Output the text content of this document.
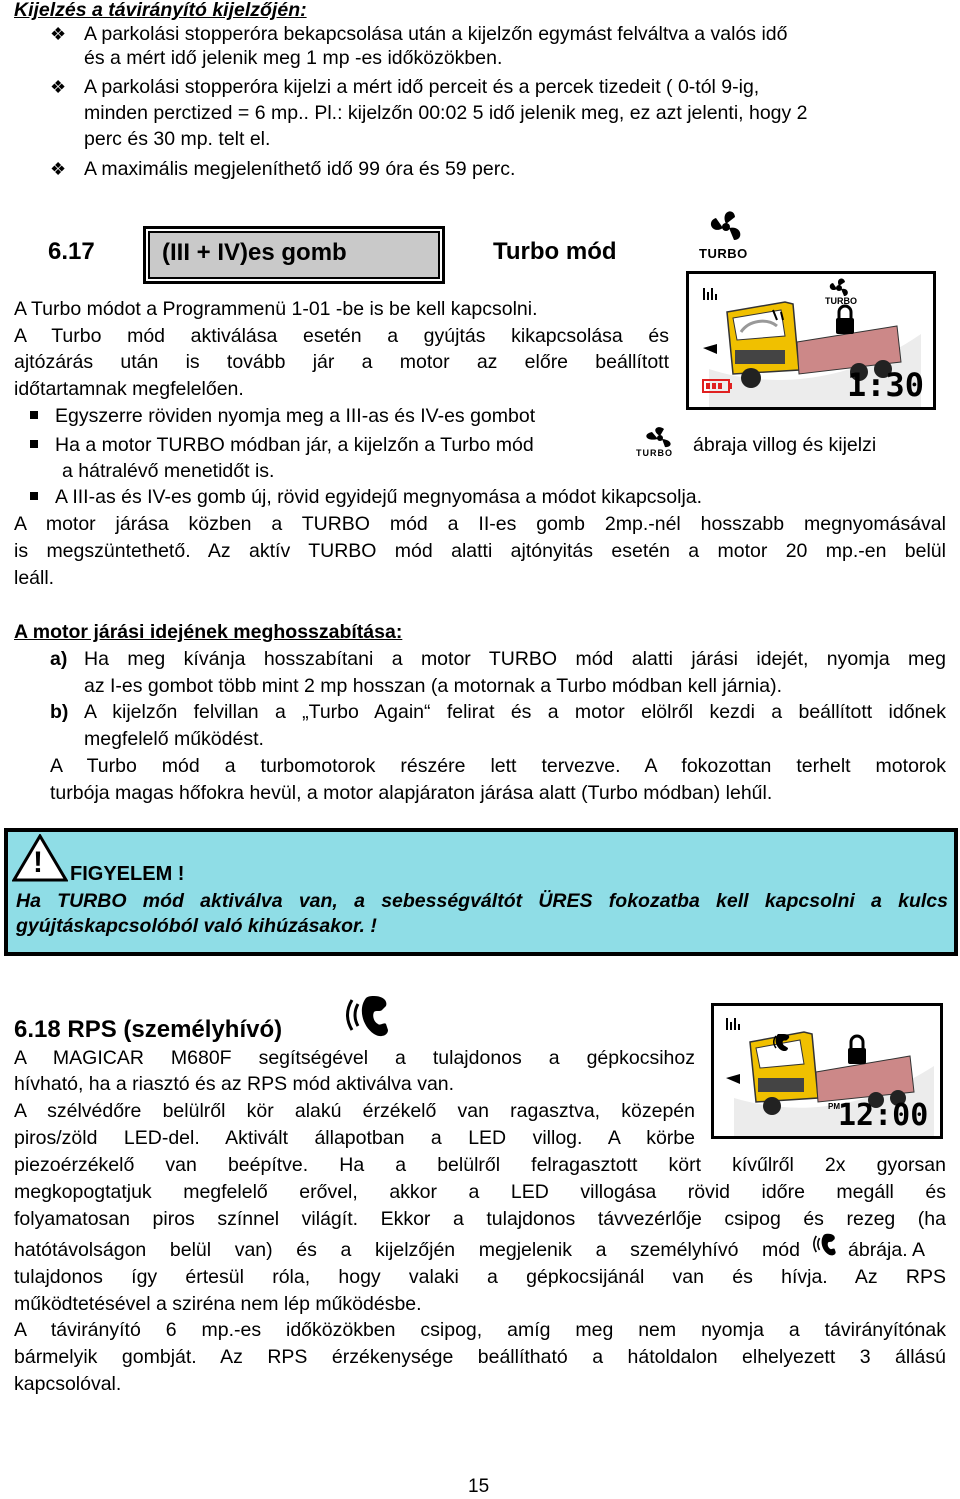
Kijelzés a távirányító kijelzőjén:
❖ A parkolási stopperóra bekapcsolása után a kijelzőn egymást felváltva a valós idő
és a mért idő jelenik meg 1 mp -es időközökben.
❖ A parkolási stopperóra kijelzi a mért idő perceit és a percek tizedeit ( 0-tól 9-ig,
minden perctized = 6 mp.. Pl.: kijelzőn 00:02 5 idő jelenik meg, ez azt jelenti, hogy 2
perc és 30 mp. telt el.
❖ A maximális megjeleníthető idő 99 óra és 59 perc.
6.17	(III + IV)es gomb	Turbo mód	TURBO
TURBO
1:30
A Turbo módot a Programmenü 1-01 -be is be kell kapcsolni.
A Turbo mód aktiválása esetén a gyújtás kikapcsolása és
ajtózárás után is tovább jár a motor az előre beállított
időtartamnak megfelelően.
Egyszerre röviden nyomja meg a III-as és IV-es gombot
Ha a motor TURBO módban jár, a kijelzőn a Turbo mód	TURBO ábraja villog és kijelzi
a hátralévő menetidőt is.
A III-as és IV-es gomb új, rövid egyidejű megnyomása a módot kikapcsolja.
A motor járása közben a TURBO mód a II-es gomb 2mp.-nél hosszabb megnyomásával
is megszüntethető. Az aktív TURBO mód alatti ajtónyitás esetén a motor 20 mp.-en belül
leáll.
A motor járási idejének meghosszabítása:
a) Ha meg kívánja hosszabítani a motor TURBO mód alatti járási idejét, nyomja meg
az I-es gombot több mint 2 mp hosszan (a motornak a Turbo módban kell járnia).
b) A kijelzőn felvillan a „Turbo Again“ felirat és a motor elölről kezdi a beállított időnek
megfelelő működést.
A Turbo mód a turbomotorok részére lett tervezve. A fokozottan terhelt motorok
turbója magas hőfokra hevül, a motor alapjáraton járása alatt (Turbo módban) lehűl.
! FIGYELEM !
Ha TURBO mód aktiválva van, a sebességváltót ÜRES fokozatba kell kapcsolni a kulcs
gyújtáskapcsolóból való kihúzásakor. !
6.18 RPS (személyhívó)
PM
12:00
A MAGICAR M680F segítségével a tulajdonos a gépkocsihoz
hívható, ha a riasztó és az RPS mód aktiválva van.
A szélvédőre belülről kör alakú érzékelő van ragasztva, közepén
piros/zöld LED-del. Aktivált állapotban a LED villog. A körbe
piezoérzékelő van beépítve. Ha a belülről felragasztott kört kívűlről 2x gyorsan
megkopogtatjuk megfelelő erővel, akkor a LED villogása rövid időre megáll és
folyamatosan piros színnel világít. Ekkor a tulajdonos távvezérlője csipog és rezeg (ha
hatótávolságon belül van) és a kijelzőjén megjelenik a személyhívó mód ábrája. A
tulajdonos így értesül róla, hogy valaki a gépkocsijánál van és hívja. Az RPS
működtetésével a sziréna nem lép működésbe.
A távirányító 6 mp.-es időközökben csipog, amíg meg nem nyomja a távirányítónak
bármelyik gombját. Az RPS érzékenysége beállítható a hátoldalon elhelyezett 3 állású
kapcsolóval.
15
